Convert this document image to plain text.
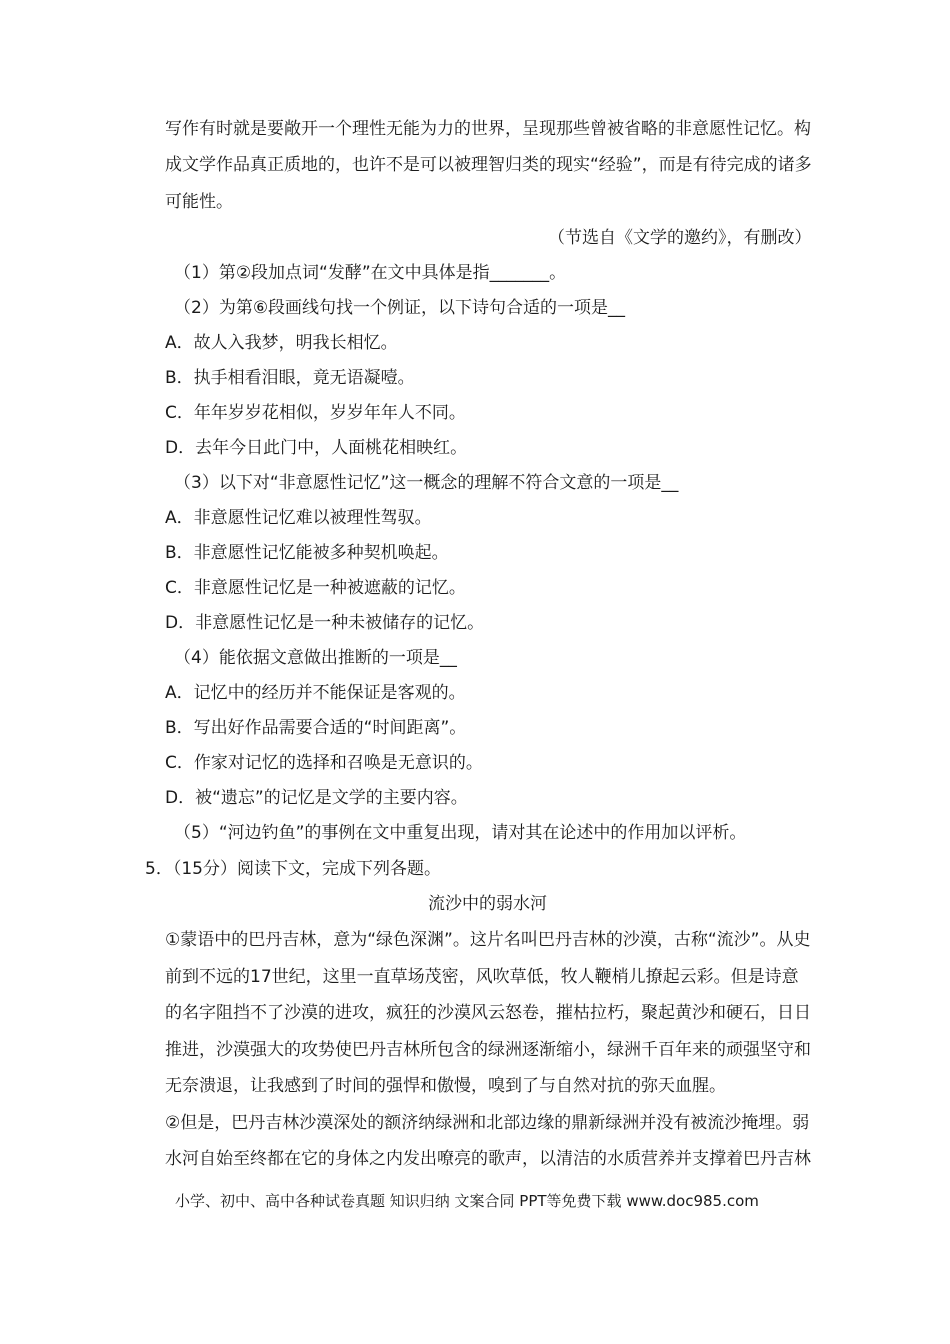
写作有时就是要敞开一个理性无能为力的世界，呈现那些曾被省略的非意愿性记忆。构
成文学作品真正质地的，也许不是可以被理智归类的现实“经验”，而是有待完成的诸多
可能性。
（节选自《文学的邀约》，有删改）
（1）第②段加点词“发酵”在文中具体是指_______。
（2）为第⑥段画线句找一个例证，以下诗句合适的一项是__
A．故人入我梦，明我长相忆。
B．执手相看泪眼，竟无语凝噎。
C．年年岁岁花相似，岁岁年年人不同。
D．去年今日此门中，人面桃花相映红。
（3）以下对“非意愿性记忆”这一概念的理解不符合文意的一项是__
A．非意愿性记忆难以被理性驾驭。
B．非意愿性记忆能被多种契机唤起。
C．非意愿性记忆是一种被遮蔽的记忆。
D．非意愿性记忆是一种未被储存的记忆。
（4）能依据文意做出推断的一项是__
A．记忆中的经历并不能保证是客观的。
B．写出好作品需要合适的“时间距离”。
C．作家对记忆的选择和召唤是无意识的。
D．被“遗忘”的记忆是文学的主要内容。
（5）“河边钓鱼”的事例在文中重复出现，请对其在论述中的作用加以评析。
5．（15分）阅读下文，完成下列各题。
流沙中的弱水河
①蒙语中的巴丹吉林，意为“绿色深渊”。这片名叫巴丹吉林的沙漠，古称“流沙”。从史
前到不远的17世纪，这里一直草场茂密，风吹草低，牧人鞭梢儿撩起云彩。但是诗意
的名字阻挡不了沙漠的进攻，疯狂的沙漠风云怒卷，摧枯拉朽，聚起黄沙和硬石，日日
推进，沙漠强大的攻势使巴丹吉林所包含的绿洲逐渐缩小，绿洲千百年来的顽强坚守和
无奈溃退，让我感到了时间的强悍和傲慢，嗅到了与自然对抗的弥天血腥。
②但是，巴丹吉林沙漠深处的额济纳绿洲和北部边缘的鼎新绿洲并没有被流沙掩埋。弱
水河自始至终都在它的身体之内发出嘹亮的歌声，以清洁的水质营养并支撑着巴丹吉林
小学、初中、高中各种试卷真题 知识归纳 文案合同 PPT等免费下载 www.doc985.com
